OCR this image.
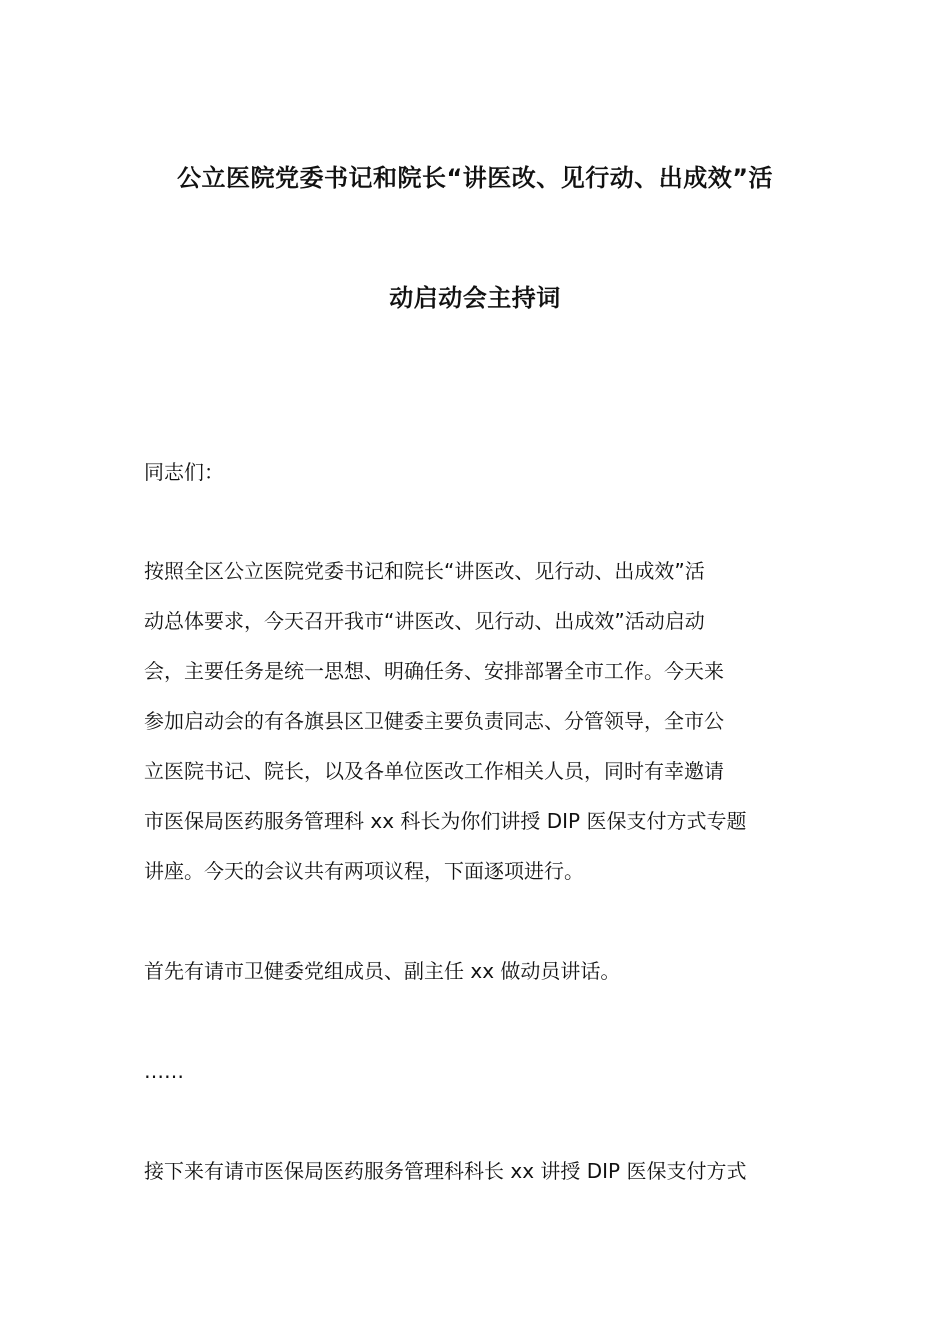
公立医院党委书记和院长“讲医改、见行动、出成效”活
动启动会主持词

同志们：

按照全区公立医院党委书记和院长“讲医改、见行动、出成效”活
动总体要求，今天召开我市“讲医改、见行动、出成效”活动启动
会，主要任务是统一思想、明确任务、安排部署全市工作。今天来
参加启动会的有各旗县区卫健委主要负责同志、分管领导，全市公
立医院书记、院长，以及各单位医改工作相关人员，同时有幸邀请
市医保局医药服务管理科 xx 科长为你们讲授 DIP 医保支付方式专题
讲座。今天的会议共有两项议程，下面逐项进行。

首先有请市卫健委党组成员、副主任 xx 做动员讲话。

……

接下来有请市医保局医药服务管理科科长 xx 讲授 DIP 医保支付方式
